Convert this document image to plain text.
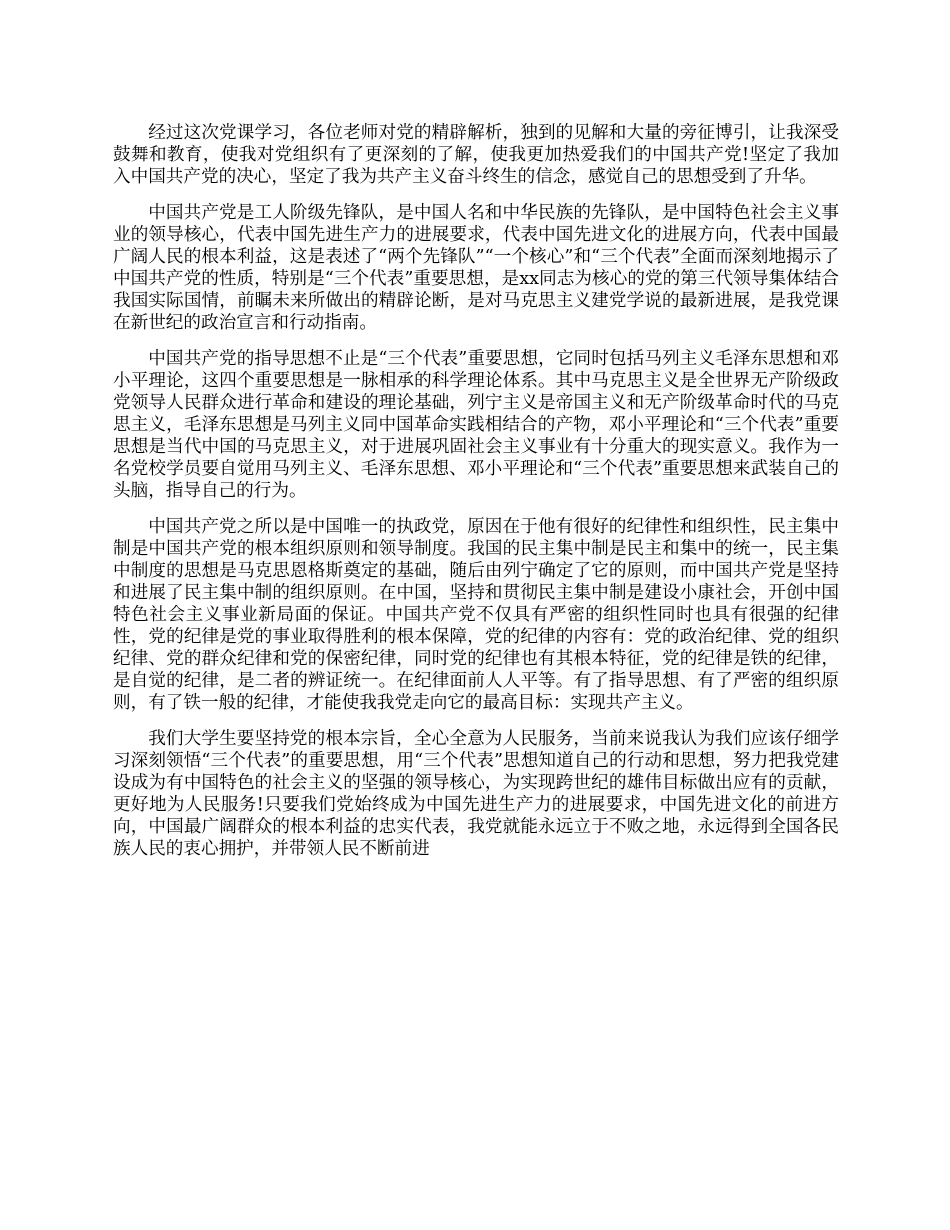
经过这次党课学习，各位老师对党的精辟解析，独到的见解和大量的旁征博引，让我深受鼓舞和教育，使我对党组织有了更深刻的了解，使我更加热爱我们的中国共产党!坚定了我加入中国共产党的决心，坚定了我为共产主义奋斗终生的信念，感觉自己的思想受到了升华。

中国共产党是工人阶级先锋队，是中国人名和中华民族的先锋队，是中国特色社会主义事业的领导核心，代表中国先进生产力的进展要求，代表中国先进文化的进展方向，代表中国最广阔人民的根本利益，这是表述了“两个先锋队”“一个核心”和“三个代表”全面而深刻地揭示了中国共产党的性质，特别是“三个代表”重要思想，是xx同志为核心的党的第三代领导集体结合我国实际国情，前瞩未来所做出的精辟论断，是对马克思主义建党学说的最新进展，是我党课在新世纪的政治宣言和行动指南。

中国共产党的指导思想不止是“三个代表”重要思想，它同时包括马列主义毛泽东思想和邓小平理论，这四个重要思想是一脉相承的科学理论体系。其中马克思主义是全世界无产阶级政党领导人民群众进行革命和建设的理论基础，列宁主义是帝国主义和无产阶级革命时代的马克思主义，毛泽东思想是马列主义同中国革命实践相结合的产物，邓小平理论和“三个代表”重要思想是当代中国的马克思主义，对于进展巩固社会主义事业有十分重大的现实意义。我作为一名党校学员要自觉用马列主义、毛泽东思想、邓小平理论和“三个代表”重要思想来武装自己的头脑，指导自己的行为。

中国共产党之所以是中国唯一的执政党，原因在于他有很好的纪律性和组织性，民主集中制是中国共产党的根本组织原则和领导制度。我国的民主集中制是民主和集中的统一，民主集中制度的思想是马克思恩格斯奠定的基础，随后由列宁确定了它的原则，而中国共产党是坚持和进展了民主集中制的组织原则。在中国，坚持和贯彻民主集中制是建设小康社会，开创中国特色社会主义事业新局面的保证。中国共产党不仅具有严密的组织性同时也具有很强的纪律性，党的纪律是党的事业取得胜利的根本保障，党的纪律的内容有：党的政治纪律、党的组织纪律、党的群众纪律和党的保密纪律，同时党的纪律也有其根本特征，党的纪律是铁的纪律，是自觉的纪律，是二者的辨证统一。在纪律面前人人平等。有了指导思想、有了严密的组织原则，有了铁一般的纪律，才能使我我党走向它的最高目标：实现共产主义。

我们大学生要坚持党的根本宗旨，全心全意为人民服务，当前来说我认为我们应该仔细学习深刻领悟“三个代表”的重要思想，用“三个代表”思想知道自己的行动和思想，努力把我党建设成为有中国特色的社会主义的坚强的领导核心，为实现跨世纪的雄伟目标做出应有的贡献，更好地为人民服务!只要我们党始终成为中国先进生产力的进展要求，中国先进文化的前进方向，中国最广阔群众的根本利益的忠实代表，我党就能永远立于不败之地，永远得到全国各民族人民的衷心拥护，并带领人民不断前进
